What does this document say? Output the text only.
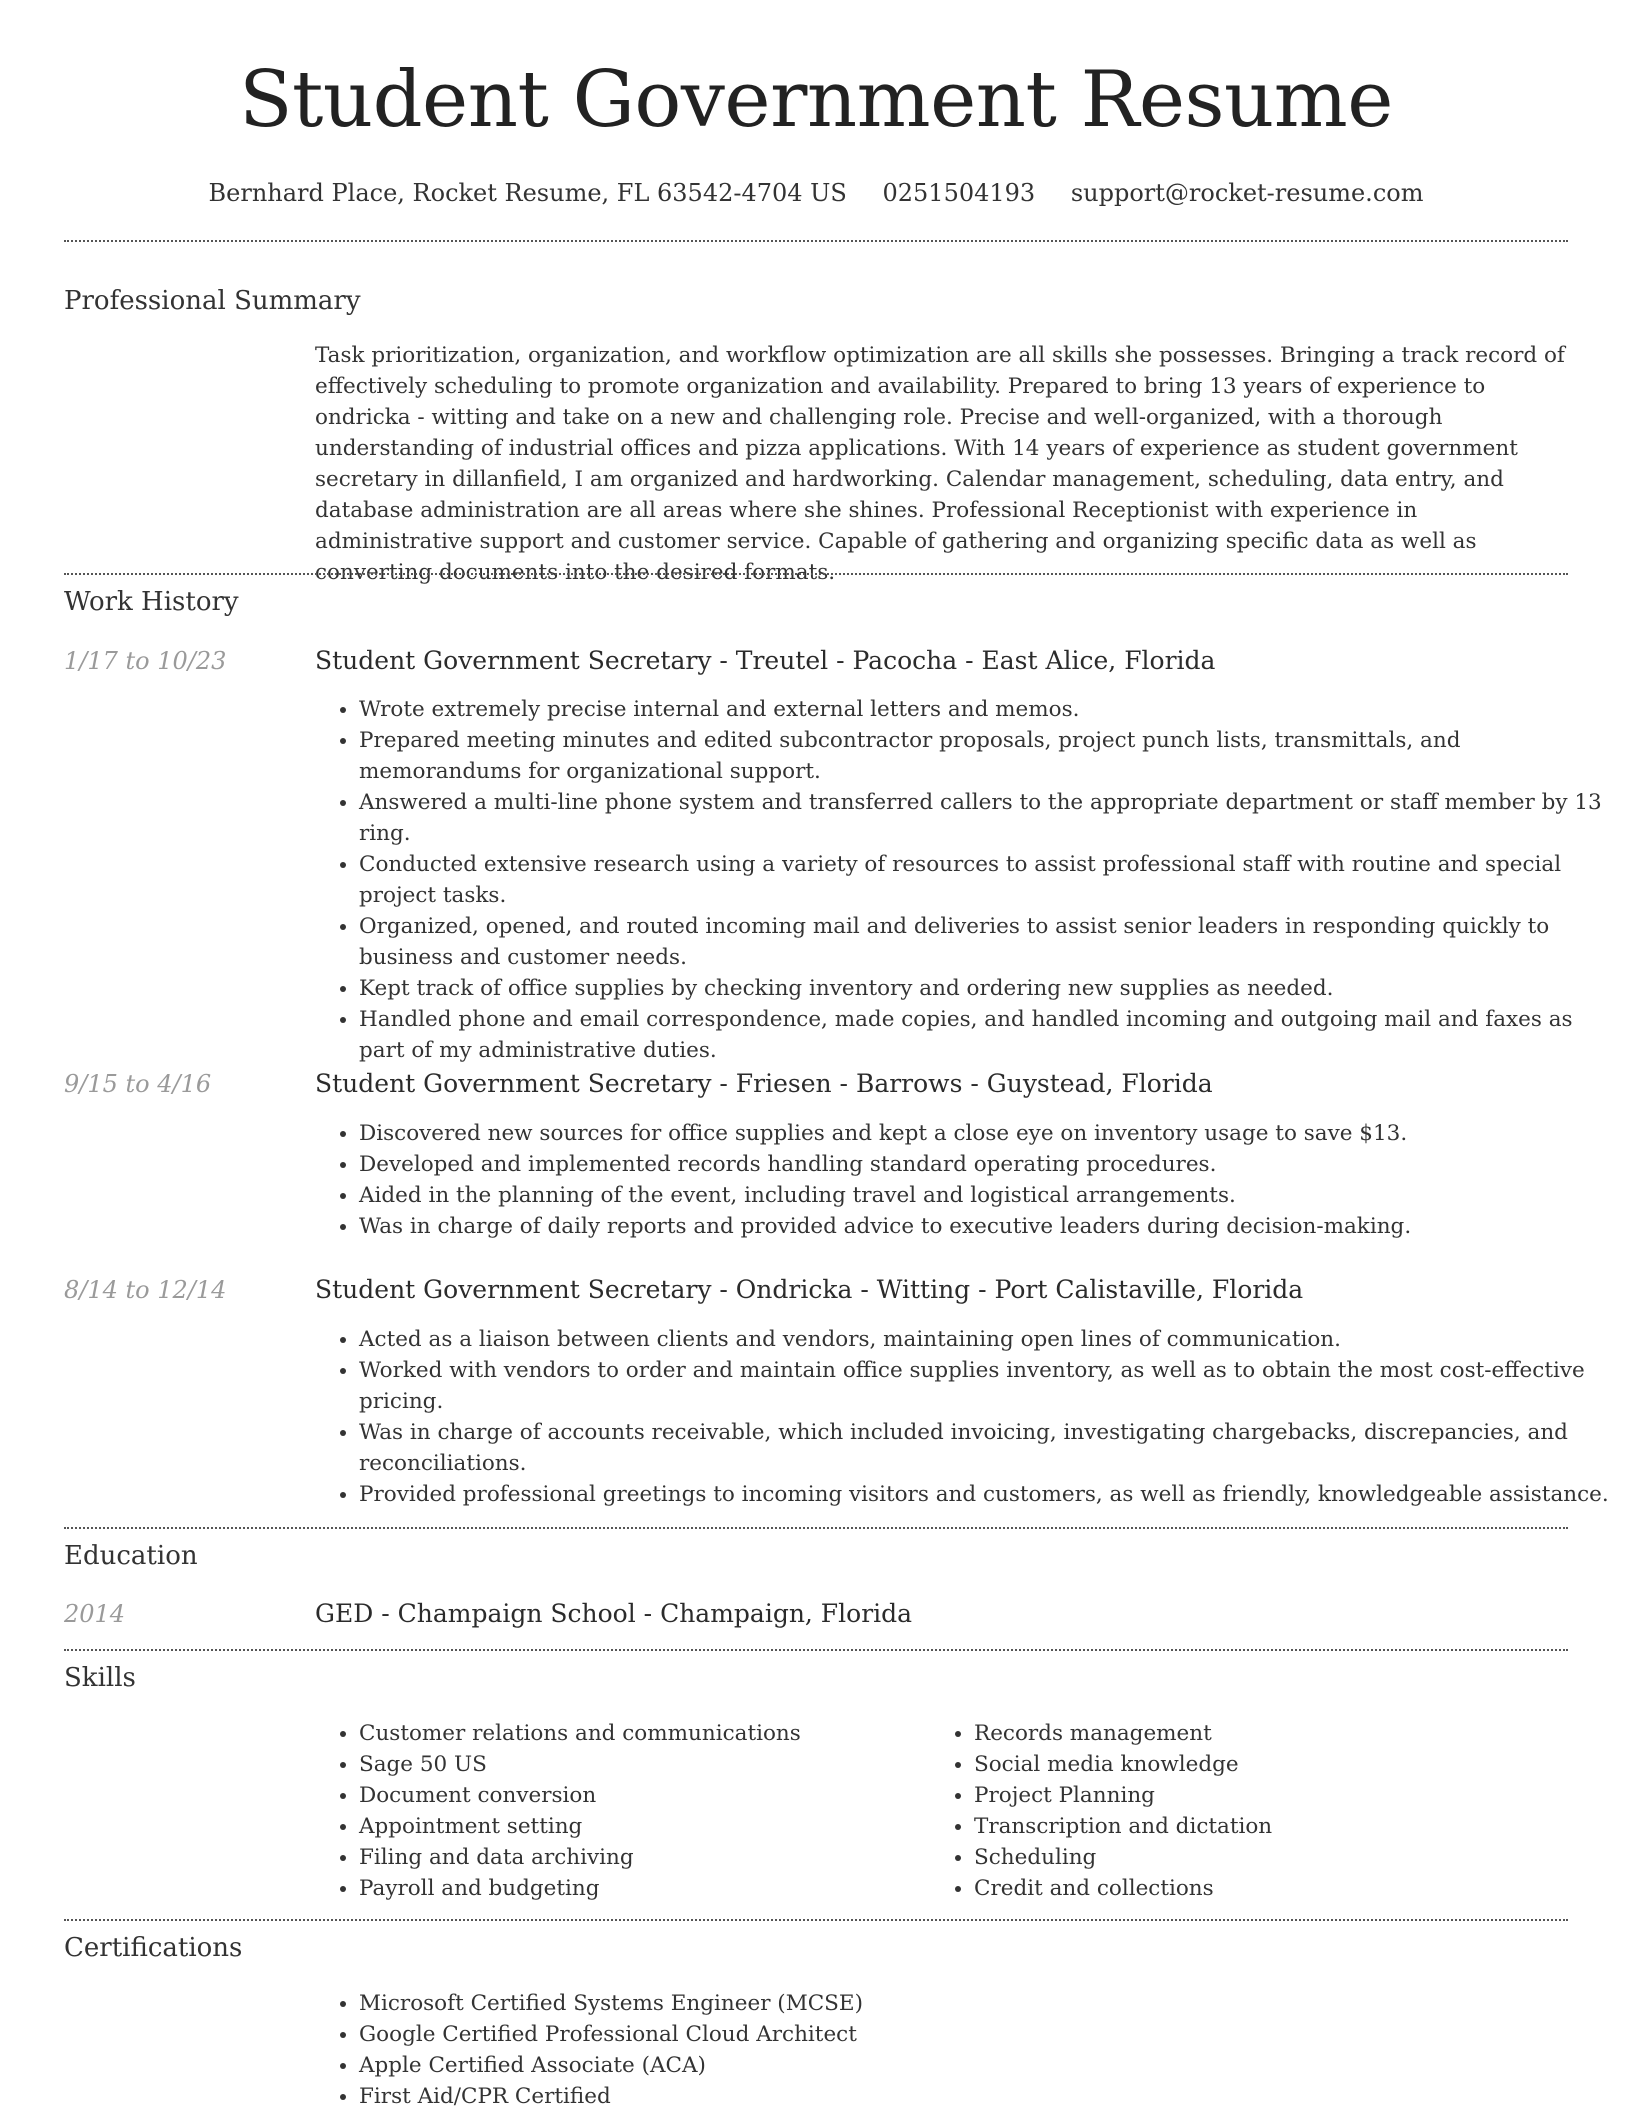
Student Government Resume
Bernhard Place, Rocket Resume, FL 63542-4704 US 0251504193 support@rocket-resume.com
Professional Summary
Task prioritization, organization, and workflow optimization are all skills she possesses. Bringing a track record of effectively scheduling to promote organization and availability. Prepared to bring 13 years of experience to ondricka - witting and take on a new and challenging role. Precise and well-organized, with a thorough understanding of industrial offices and pizza applications. With 14 years of experience as student government secretary in dillanfield, I am organized and hardworking. Calendar management, scheduling, data entry, and database administration are all areas where she shines. Professional Receptionist with experience in administrative support and customer service. Capable of gathering and organizing specific data as well as converting documents into the desired formats.
Work History
1/17 to 10/23	Student Government Secretary - Treutel - Pacocha - East Alice, Florida
• Wrote extremely precise internal and external letters and memos.
• Prepared meeting minutes and edited subcontractor proposals, project punch lists, transmittals, and memorandums for organizational support.
• Answered a multi-line phone system and transferred callers to the appropriate department or staff member by 13 ring.
• Conducted extensive research using a variety of resources to assist professional staff with routine and special project tasks.
• Organized, opened, and routed incoming mail and deliveries to assist senior leaders in responding quickly to business and customer needs.
• Kept track of office supplies by checking inventory and ordering new supplies as needed.
• Handled phone and email correspondence, made copies, and handled incoming and outgoing mail and faxes as part of my administrative duties.
9/15 to 4/16	Student Government Secretary - Friesen - Barrows - Guystead, Florida
• Discovered new sources for office supplies and kept a close eye on inventory usage to save $13.
• Developed and implemented records handling standard operating procedures.
• Aided in the planning of the event, including travel and logistical arrangements.
• Was in charge of daily reports and provided advice to executive leaders during decision-making.
8/14 to 12/14	Student Government Secretary - Ondricka - Witting - Port Calistaville, Florida
• Acted as a liaison between clients and vendors, maintaining open lines of communication.
• Worked with vendors to order and maintain office supplies inventory, as well as to obtain the most cost-effective pricing.
• Was in charge of accounts receivable, which included invoicing, investigating chargebacks, discrepancies, and reconciliations.
• Provided professional greetings to incoming visitors and customers, as well as friendly, knowledgeable assistance.
Education
2014	GED - Champaign School - Champaign, Florida
Skills
• Customer relations and communications
• Sage 50 US
• Document conversion
• Appointment setting
• Filing and data archiving
• Payroll and budgeting
• Records management
• Social media knowledge
• Project Planning
• Transcription and dictation
• Scheduling
• Credit and collections
Certifications
• Microsoft Certified Systems Engineer (MCSE)
• Google Certified Professional Cloud Architect
• Apple Certified Associate (ACA)
• First Aid/CPR Certified
